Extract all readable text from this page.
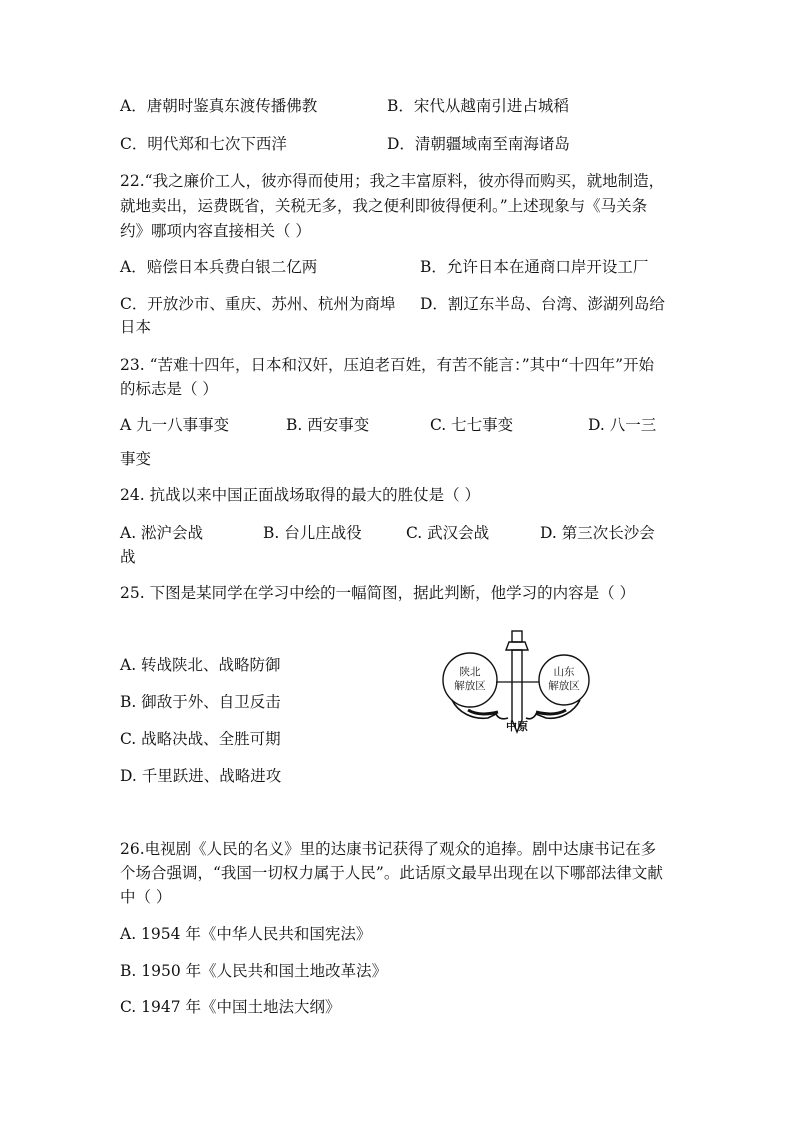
A．唐朝时鉴真东渡传播佛教	B．宋代从越南引进占城稻
C．明代郑和七次下西洋	D．清朝疆域南至南海诸岛
22.“我之廉价工人，彼亦得而使用；我之丰富原料，彼亦得而购买，就地制造，
就地卖出，运费既省，关税无多，我之便利即彼得便利。”上述现象与《马关条
约》哪项内容直接相关（ ）
A．赔偿日本兵费白银二亿两	B．允许日本在通商口岸开设工厂
C．开放沙市、重庆、苏州、杭州为商埠 D．割辽东半岛、台湾、澎湖列岛给
日本
23. “苦难十四年，日本和汉奸，压迫老百姓，有苦不能言：”其中“十四年”开始
的标志是（ ）
A 九一八事事变	B. 西安事变	C. 七七事变	D. 八一三
事变
24. 抗战以来中国正面战场取得的最大的胜仗是（ ）
A. 淞沪会战	B. 台儿庄战役	C. 武汉会战	D. 第三次长沙会
战
25. 下图是某同学在学习中绘的一幅简图，据此判断，他学习的内容是（ ）
A. 转战陕北、战略防御
B. 御敌于外、自卫反击
C. 战略决战、全胜可期
D. 千里跃进、战略进攻
陕北
解放区
山东
解放区
中原
26.电视剧《人民的名义》里的达康书记获得了观众的追捧。剧中达康书记在多
个场合强调，“我国一切权力属于人民”。此话原文最早出现在以下哪部法律文献
中（ ）
A. 1954 年《中华人民共和国宪法》
B. 1950 年《人民共和国土地改革法》
C. 1947 年《中国土地法大纲》
